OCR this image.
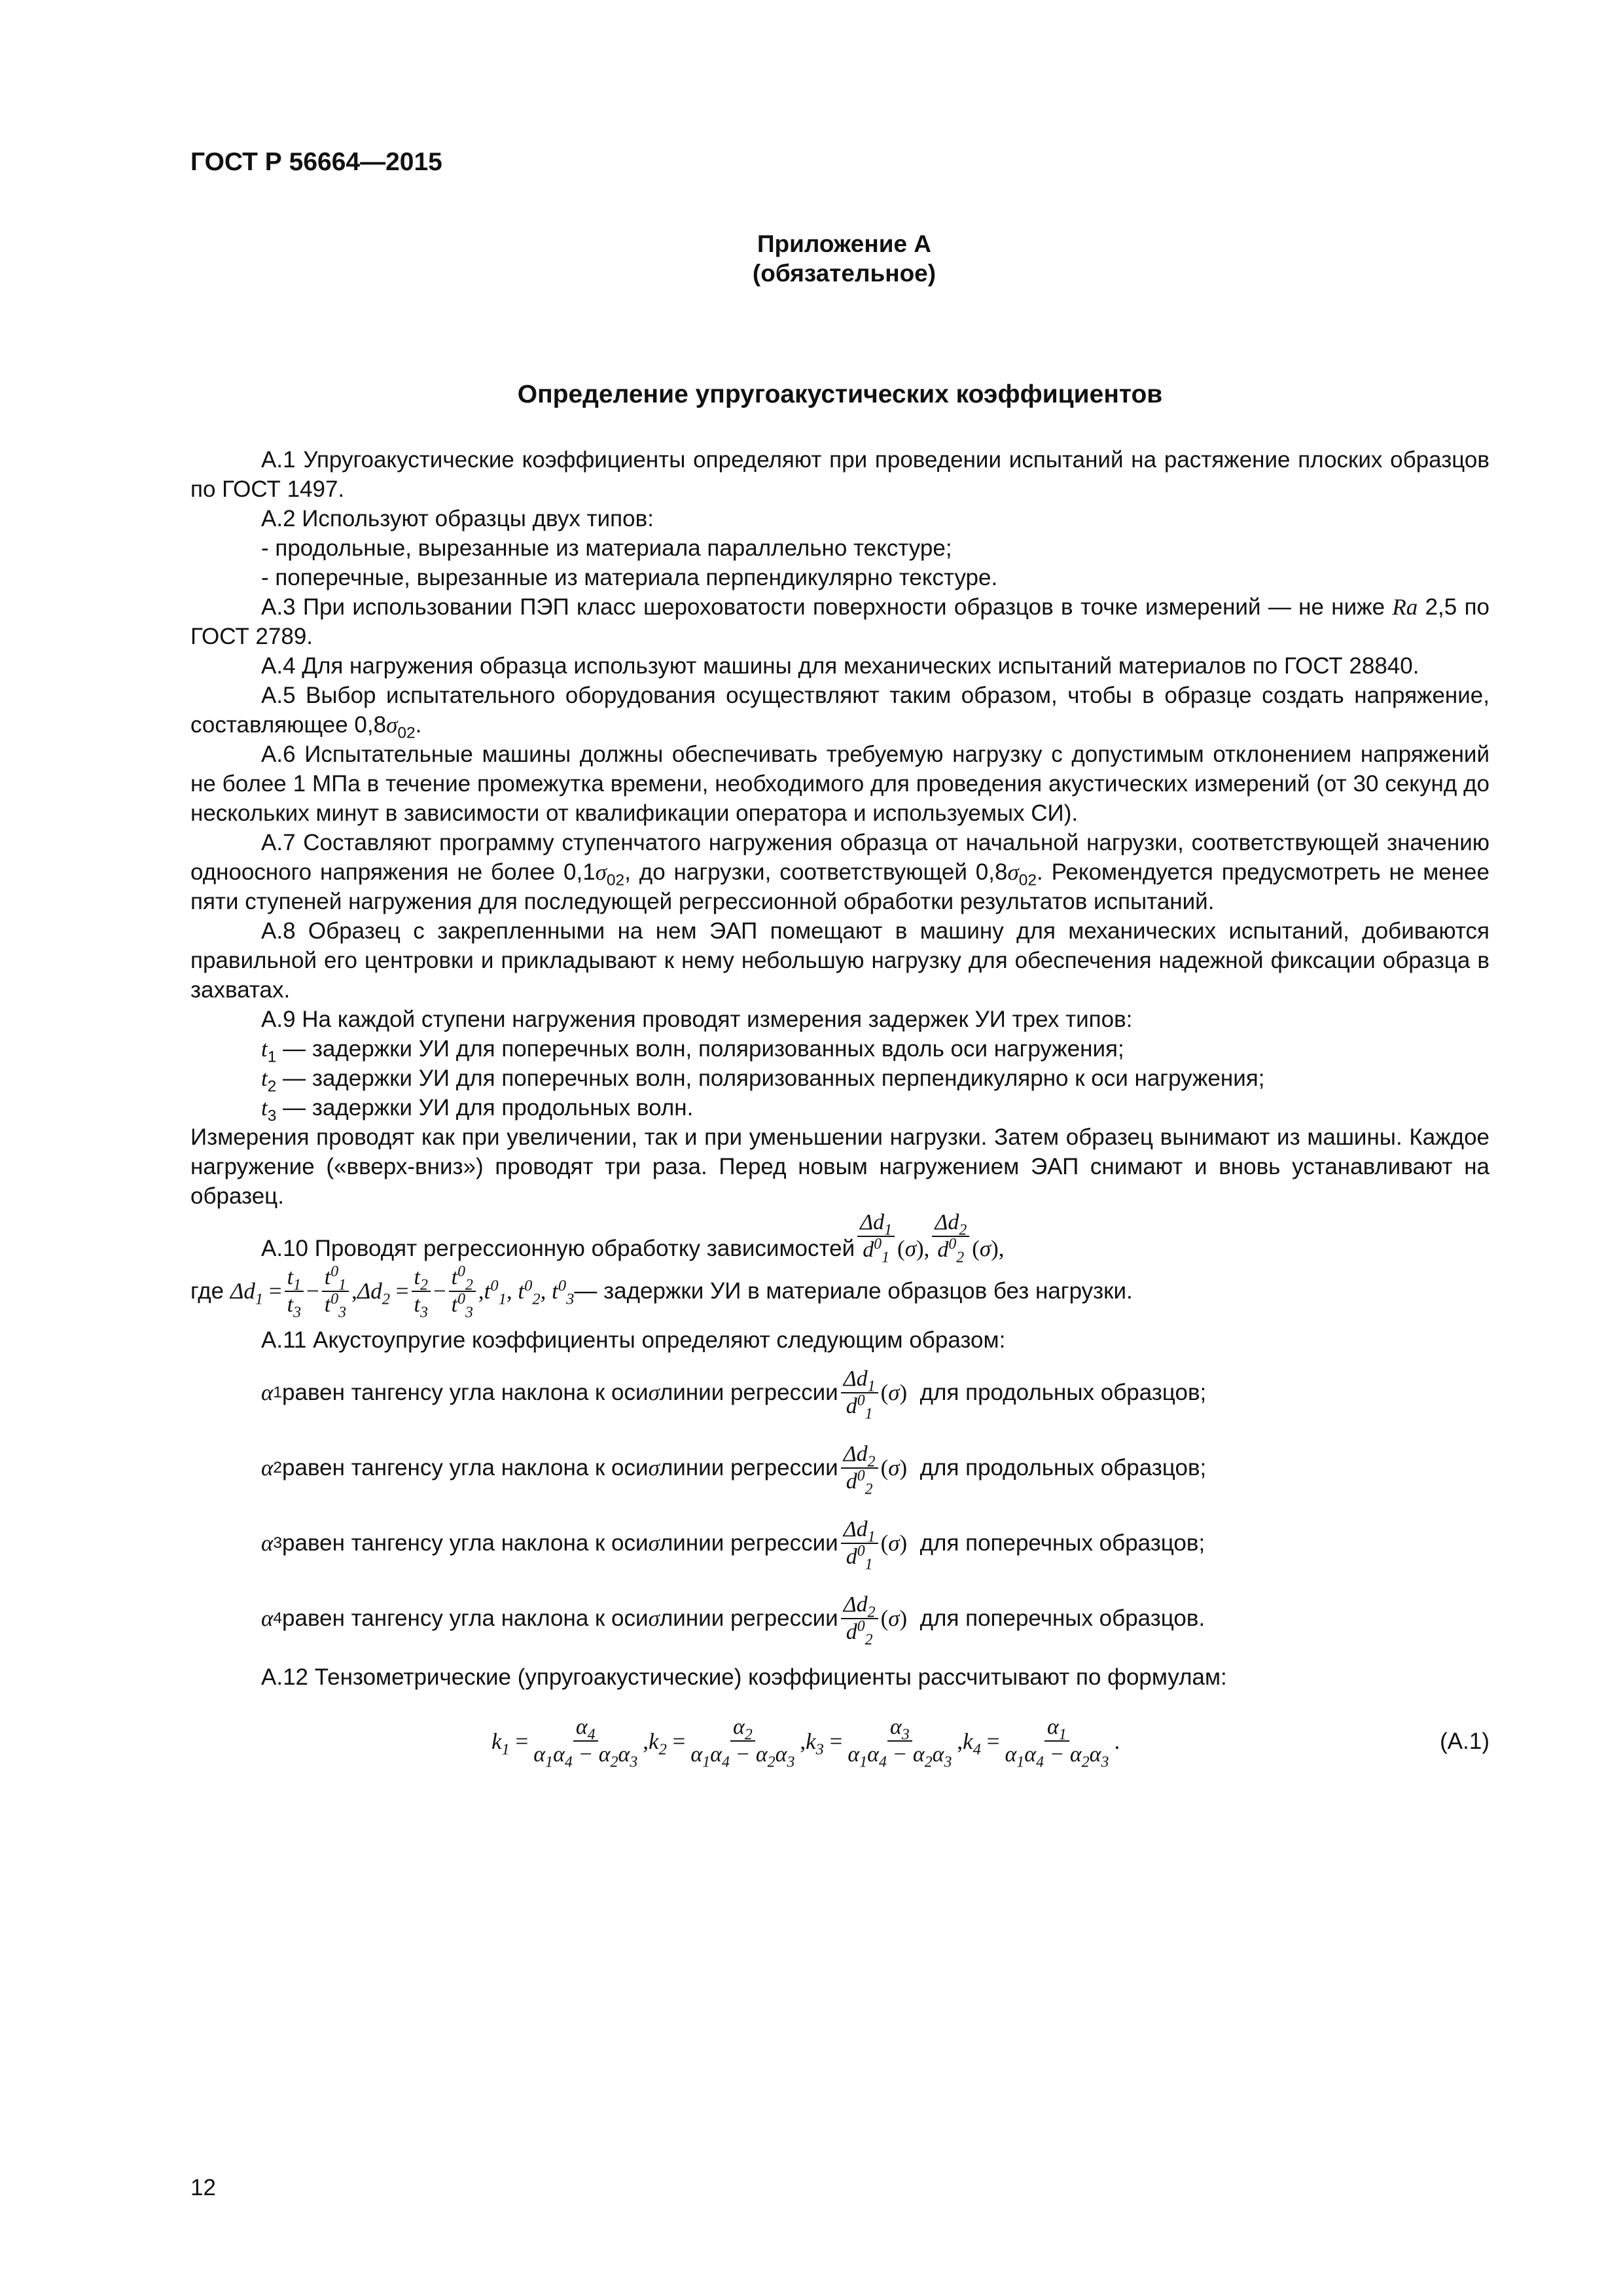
ГОСТ Р 56664—2015
Приложение А
(обязательное)
Определение упругоакустических коэффициентов

А.1 Упругоакустические коэффициенты определяют при проведении испытаний на растяжение плоских образцов по ГОСТ 1497.

А.2 Используют образцы двух типов:

- продольные, вырезанные из материала параллельно текстуре;

- поперечные, вырезанные из материала перпендикулярно текстуре.

А.3 При использовании ПЭП класс шероховатости поверхности образцов в точке измерений — не ниже Ra 2,5 по ГОСТ 2789.

А.4 Для нагружения образца используют машины для механических испытаний материалов по ГОСТ 28840.

А.5 Выбор испытательного оборудования осуществляют таким образом, чтобы в образце создать напряжение, составляющее $0,8\sigma_{02}$.

А.6 Испытательные машины должны обеспечивать требуемую нагрузку с допустимым отклонением напряжений не более 1 МПа в течение промежутка времени, необходимого для проведения акустических измерений (от 30 секунд до нескольких минут в зависимости от квалификации оператора и используемых СИ).

А.7 Составляют программу ступенчатого нагружения образца от начальной нагрузки, соответствующей значению одноосного напряжения не более $0,1\sigma_{02}$, до нагрузки, соответствующей $0,8\sigma_{02}$. Рекомендуется предусмотреть не менее пяти ступеней нагружения для последующей регрессионной обработки результатов испытаний.

А.8 Образец с закрепленными на нем ЭАП помещают в машину для механических испытаний, добиваются правильной его центровки и прикладывают к нему небольшую нагрузку для обеспечения надежной фиксации образца в захватах.

А.9 На каждой ступени нагружения проводят измерения задержек УИ трех типов:

$t_1$ — задержки УИ для поперечных волн, поляризованных вдоль оси нагружения;

$t_2$ — задержки УИ для поперечных волн, поляризованных перпендикулярно к оси нагружения;

$t_3$ — задержки УИ для продольных волн.

Измерения проводят как при увеличении, так и при уменьшении нагрузки. Затем образец вынимают из машины. Каждое нагружение («вверх-вниз») проводят три раза. Перед новым нагружением ЭАП снимают и вновь устанавливают на образец.

А.10 Проводят регрессионную обработку зависимостей $\frac{\Delta d_1}{d^0_1}$ ( σ ), $\frac{\Delta d_2}{d^0_2}$ ( σ ),
где
$\Delta d_1 = \frac{t_1}{t_3} - \frac{t^0_1}{t^0_3}$ , $\Delta d_2 = \frac{t_2}{t_3} - \frac{t^0_2}{t^0_3}$ , $t^0_1$, $t^0_2$, $t^0_3$ — задержки УИ в материале образцов без нагрузки.

А.11 Акустоупругие коэффициенты определяют следующим образом:

α 1 равен тангенсу угла наклона к оси σ линии регрессии $\frac{\Delta d_1}{d^0_1}$ ( σ )
для продольных образцов;
α 2 равен тангенсу угла наклона к оси σ линии регрессии $\frac{\Delta d_2}{d^0_2}$ ( σ )
для продольных образцов;
α 3 равен тангенсу угла наклона к оси σ линии регрессии $\frac{\Delta d_1}{d^0_1}$ ( σ )
для поперечных образцов;
α 4 равен тангенсу угла наклона к оси σ линии регрессии $\frac{\Delta d_2}{d^0_2}$ ( σ )
для поперечных образцов.

А.12 Тензометрические (упругоакустические) коэффициенты рассчитывают по формулам:

$k_1 = \frac{\alpha_4}{\alpha_1\alpha_4 - \alpha_2\alpha_3}$ , $k_2 = \frac{\alpha_2}{\alpha_1\alpha_4 - \alpha_2\alpha_3}$ , $k_3 = \frac{\alpha_3}{\alpha_1\alpha_4 - \alpha_2\alpha_3}$ , $k_4 = \frac{\alpha_1}{\alpha_1\alpha_4 - \alpha_2\alpha_3}$ .	(А.1)
12
